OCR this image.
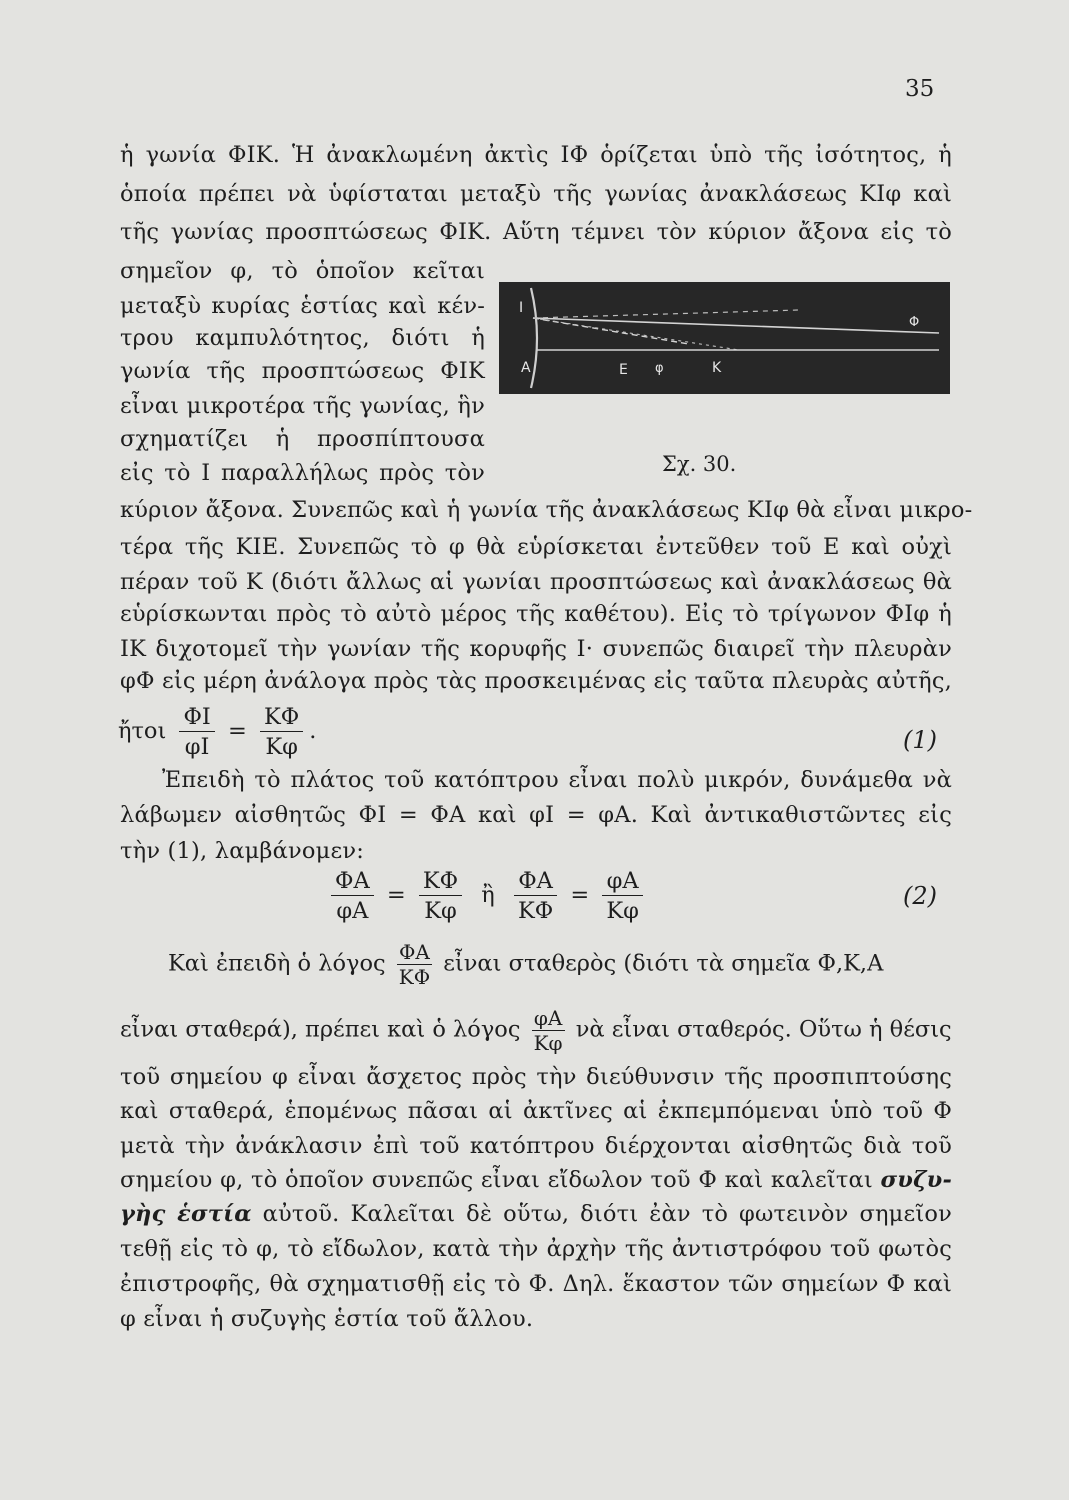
35
ἡ γωνία ΦΙΚ. Ἡ ἀνακλωμένη ἀκτὶς ΙΦ ὁρίζεται ὑπὸ τῆς ἰσότητος, ἡ
ὁποία πρέπει νὰ ὑφίσταται μεταξὺ τῆς γωνίας ἀνακλάσεως ΚΙφ καὶ
τῆς γωνίας προσπτώσεως ΦΙΚ. Αὕτη τέμνει τὸν κύριον ἄξονα εἰς τὸ
σημεῖον φ, τὸ ὁποῖον κεῖται
μεταξὺ κυρίας ἑστίας καὶ κέν-
τρου καμπυλότητος, διότι ἡ
γωνία τῆς προσπτώσεως ΦΙΚ
εἶναι μικροτέρα τῆς γωνίας, ἣν
σχηματίζει ἡ προσπίπτουσα
εἰς τὸ Ι παραλλήλως πρὸς τὸν
Ι
Α	Ε φ	Κ
Φ
Σχ. 30.
κύριον ἄξονα. Συνεπῶς καὶ ἡ γωνία τῆς ἀνακλάσεως ΚΙφ θὰ εἶναι μικρο-
τέρα τῆς ΚΙΕ. Συνεπῶς τὸ φ θὰ εὑρίσκεται ἐντεῦθεν τοῦ Ε καὶ οὐχὶ
πέραν τοῦ Κ (διότι ἄλλως αἱ γωνίαι προσπτώσεως καὶ ἀνακλάσεως θὰ
εὑρίσκωνται πρὸς τὸ αὐτὸ μέρος τῆς καθέτου). Εἰς τὸ τρίγωνον ΦΙφ ἡ
ΙΚ διχοτομεῖ τὴν γωνίαν τῆς κορυφῆς Ι· συνεπῶς διαιρεῖ τὴν πλευρὰν
φΦ εἰς μέρη ἀνάλογα πρὸς τὰς προσκειμένας εἰς ταῦτα πλευρὰς αὐτῆς,
ἤτοι $\frac{\Phi I}{\varphi I} = \frac{K\Phi}{K\varphi}$ .	(1)
Ἐπειδὴ τὸ πλάτος τοῦ κατόπτρου εἶναι πολὺ μικρόν, δυνάμεθα νὰ
λάβωμεν αἰσθητῶς ΦΙ = ΦΑ καὶ φΙ = φΑ. Καὶ ἀντικαθιστῶντες εἰς
τὴν (1), λαμβάνομεν:
$\frac{\Phi A}{\varphi A} = \frac{K\Phi}{K\varphi}$ ἢ $\frac{\Phi A}{K\Phi} = \frac{\varphi A}{K\varphi}$	(2)
Καὶ ἐπειδὴ ὁ λόγος $\frac{\Phi A}{K\Phi}$ εἶναι σταθερὸς (διότι τὰ σημεῖα Φ,Κ,Α
εἶναι σταθερά), πρέπει καὶ ὁ λόγος $\frac{\varphi A}{K\varphi}$ νὰ εἶναι σταθερός. Οὕτω ἡ θέσις
τοῦ σημείου φ εἶναι ἄσχετος πρὸς τὴν διεύθυνσιν τῆς προσπιπτούσης
καὶ σταθερά, ἑπομένως πᾶσαι αἱ ἀκτῖνες αἱ ἐκπεμπόμεναι ὑπὸ τοῦ Φ
μετὰ τὴν ἀνάκλασιν ἐπὶ τοῦ κατόπτρου διέρχονται αἰσθητῶς διὰ τοῦ
σημείου φ, τὸ ὁποῖον συνεπῶς εἶναι εἴδωλον τοῦ Φ καὶ καλεῖται συζυ-
γὴς ἑστία αὐτοῦ. Καλεῖται δὲ οὕτω, διότι ἐὰν τὸ φωτεινὸν σημεῖον
τεθῇ εἰς τὸ φ, τὸ εἴδωλον, κατὰ τὴν ἀρχὴν τῆς ἀντιστρόφου τοῦ φωτὸς
ἐπιστροφῆς, θὰ σχηματισθῇ εἰς τὸ Φ. Δηλ. ἕκαστον τῶν σημείων Φ καὶ
φ εἶναι ἡ συζυγὴς ἑστία τοῦ ἄλλου.
